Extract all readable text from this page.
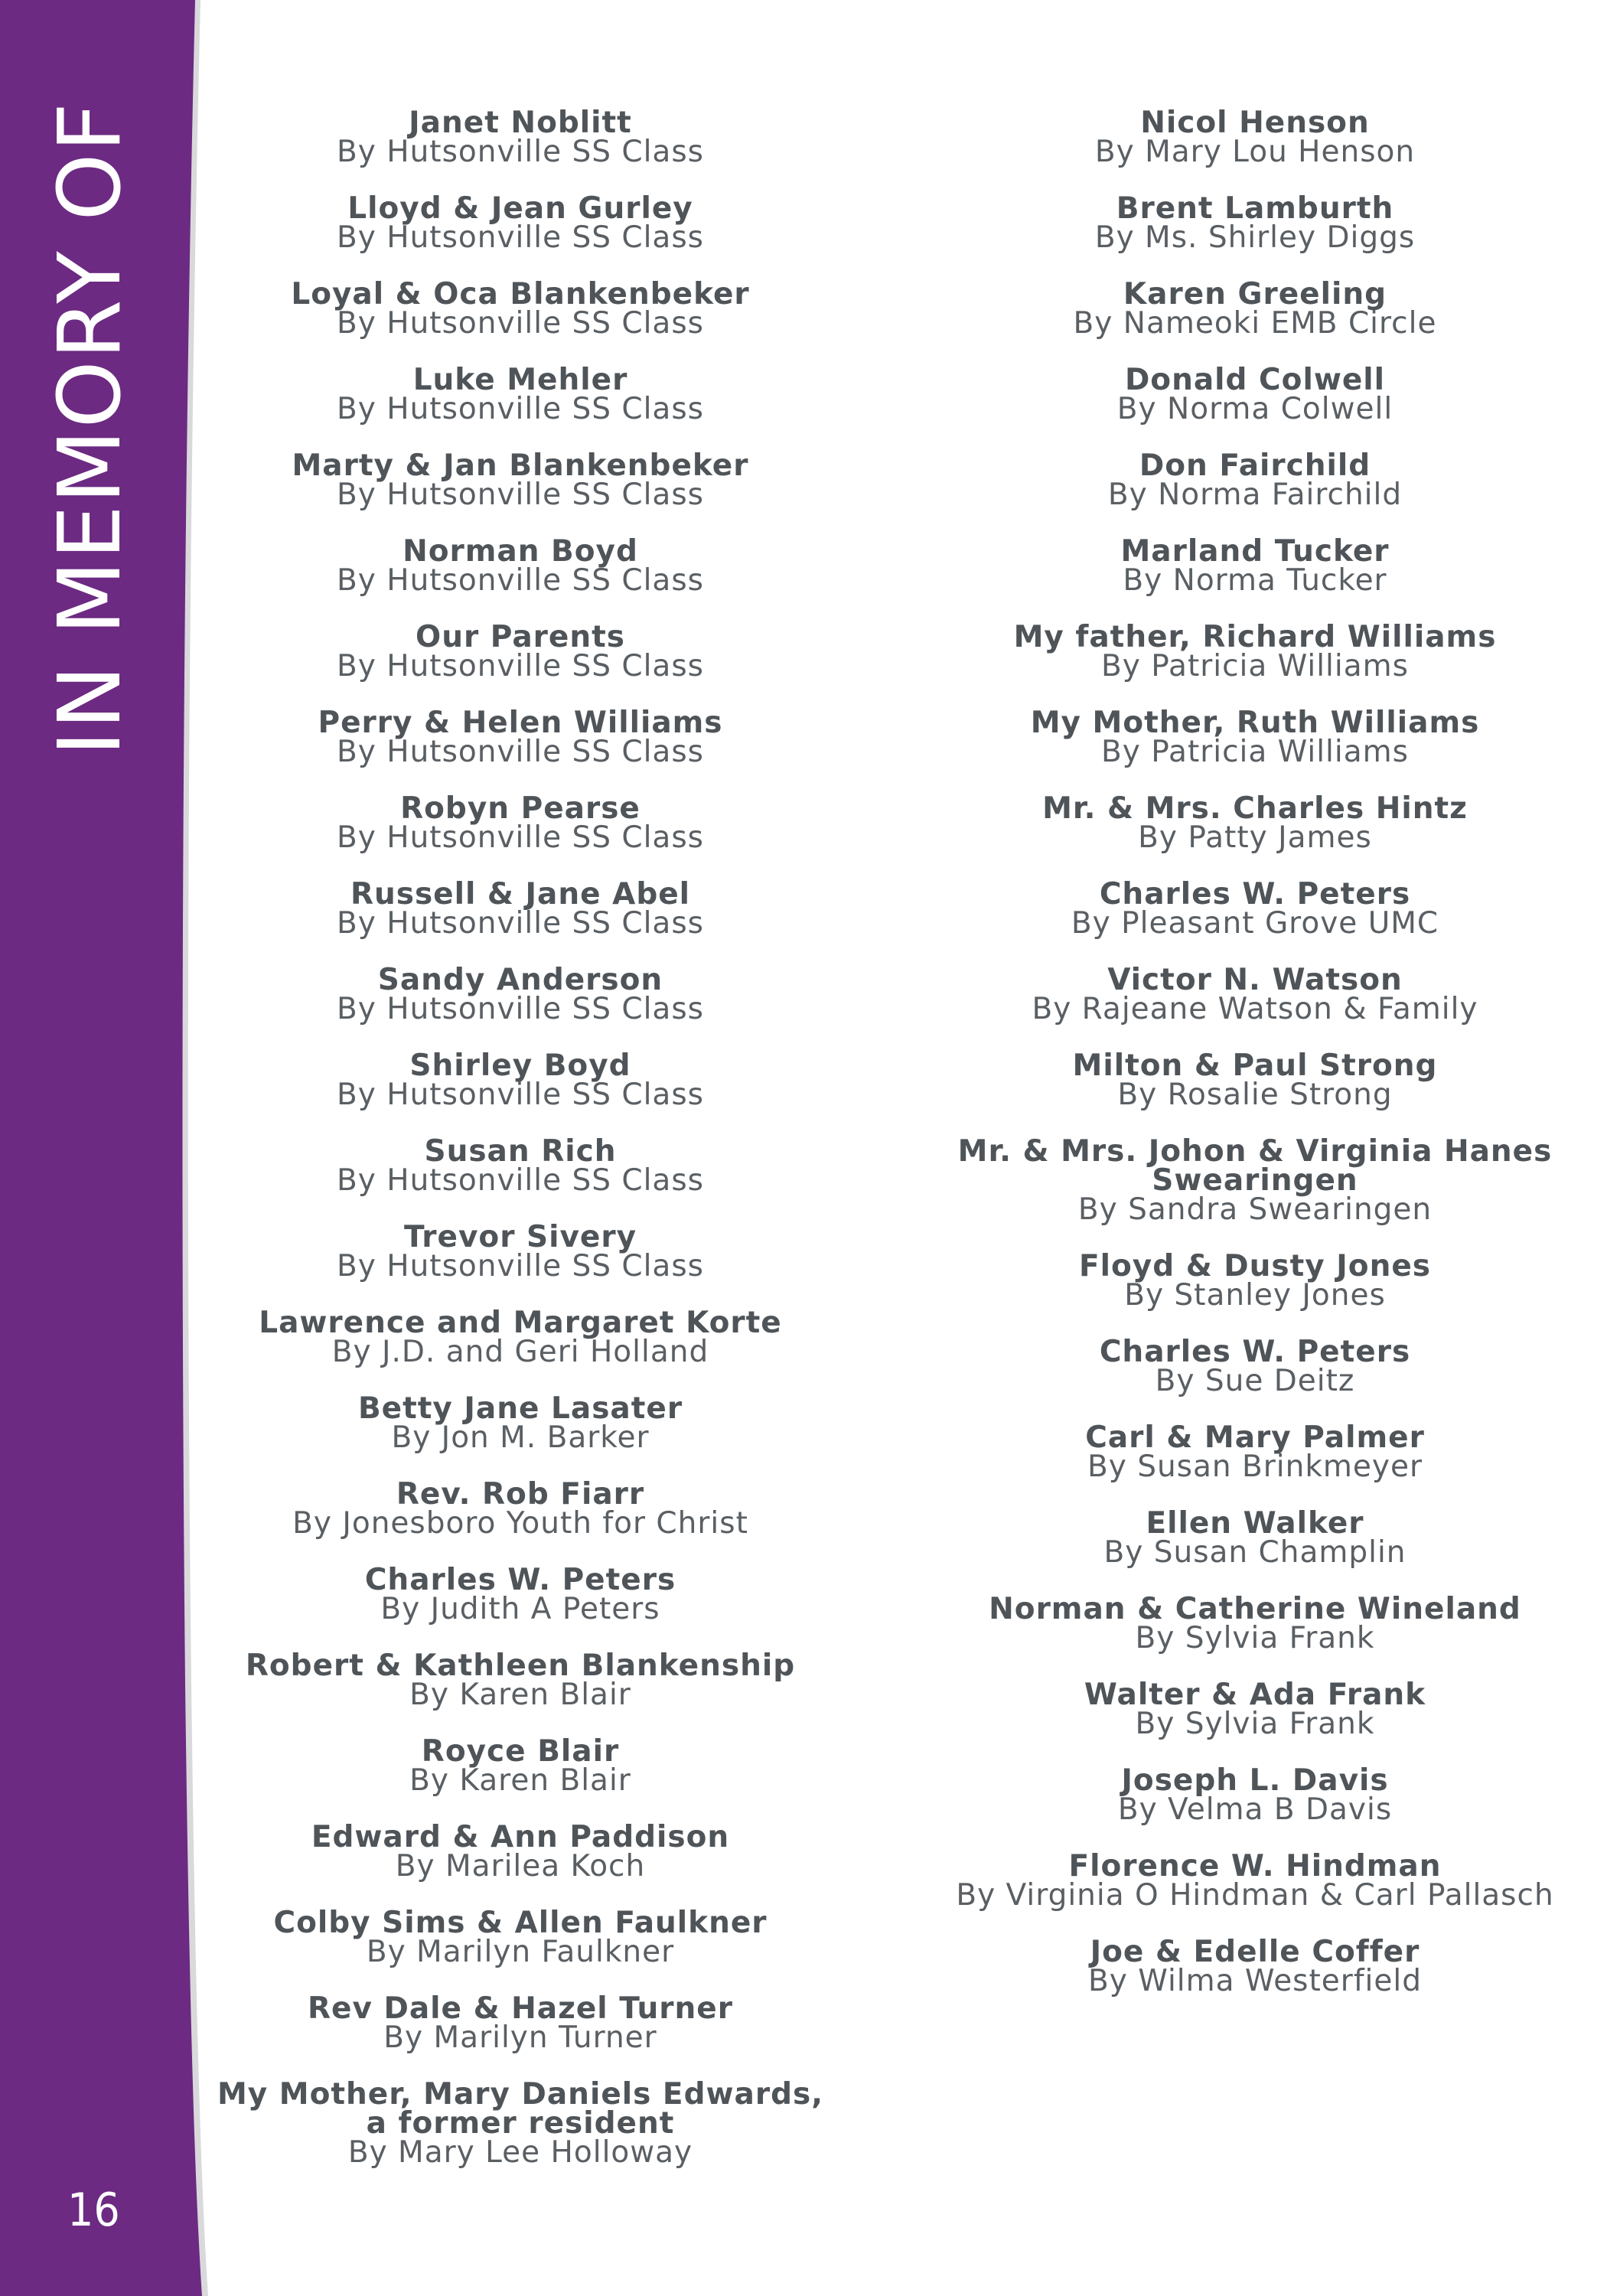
IN MEMORY OF
16
Janet Noblitt
By Hutsonville SS Class
Lloyd & Jean Gurley
By Hutsonville SS Class
Loyal & Oca Blankenbeker
By Hutsonville SS Class
Luke Mehler
By Hutsonville SS Class
Marty & Jan Blankenbeker
By Hutsonville SS Class
Norman Boyd
By Hutsonville SS Class
Our Parents
By Hutsonville SS Class
Perry & Helen Williams
By Hutsonville SS Class
Robyn Pearse
By Hutsonville SS Class
Russell & Jane Abel
By Hutsonville SS Class
Sandy Anderson
By Hutsonville SS Class
Shirley Boyd
By Hutsonville SS Class
Susan Rich
By Hutsonville SS Class
Trevor Sivery
By Hutsonville SS Class
Lawrence and Margaret Korte
By J.D. and Geri Holland
Betty Jane Lasater
By Jon M. Barker
Rev. Rob Fiarr
By Jonesboro Youth for Christ
Charles W. Peters
By Judith A Peters
Robert & Kathleen Blankenship
By Karen Blair
Royce Blair
By Karen Blair
Edward & Ann Paddison
By Marilea Koch
Colby Sims & Allen Faulkner
By Marilyn Faulkner
Rev Dale & Hazel Turner
By Marilyn Turner
My Mother, Mary Daniels Edwards,
a former resident
By Mary Lee Holloway
Nicol Henson
By Mary Lou Henson
Brent Lamburth
By Ms. Shirley Diggs
Karen Greeling
By Nameoki EMB Circle
Donald Colwell
By Norma Colwell
Don Fairchild
By Norma Fairchild
Marland Tucker
By Norma Tucker
My father, Richard Williams
By Patricia Williams
My Mother, Ruth Williams
By Patricia Williams
Mr. & Mrs. Charles Hintz
By Patty James
Charles W. Peters
By Pleasant Grove UMC
Victor N. Watson
By Rajeane Watson & Family
Milton & Paul Strong
By Rosalie Strong
Mr. & Mrs. Johon & Virginia Hanes
Swearingen
By Sandra Swearingen
Floyd & Dusty Jones
By Stanley Jones
Charles W. Peters
By Sue Deitz
Carl & Mary Palmer
By Susan Brinkmeyer
Ellen Walker
By Susan Champlin
Norman & Catherine Wineland
By Sylvia Frank
Walter & Ada Frank
By Sylvia Frank
Joseph L. Davis
By Velma B Davis
Florence W. Hindman
By Virginia O Hindman & Carl Pallasch
Joe & Edelle Coffer
By Wilma Westerfield
